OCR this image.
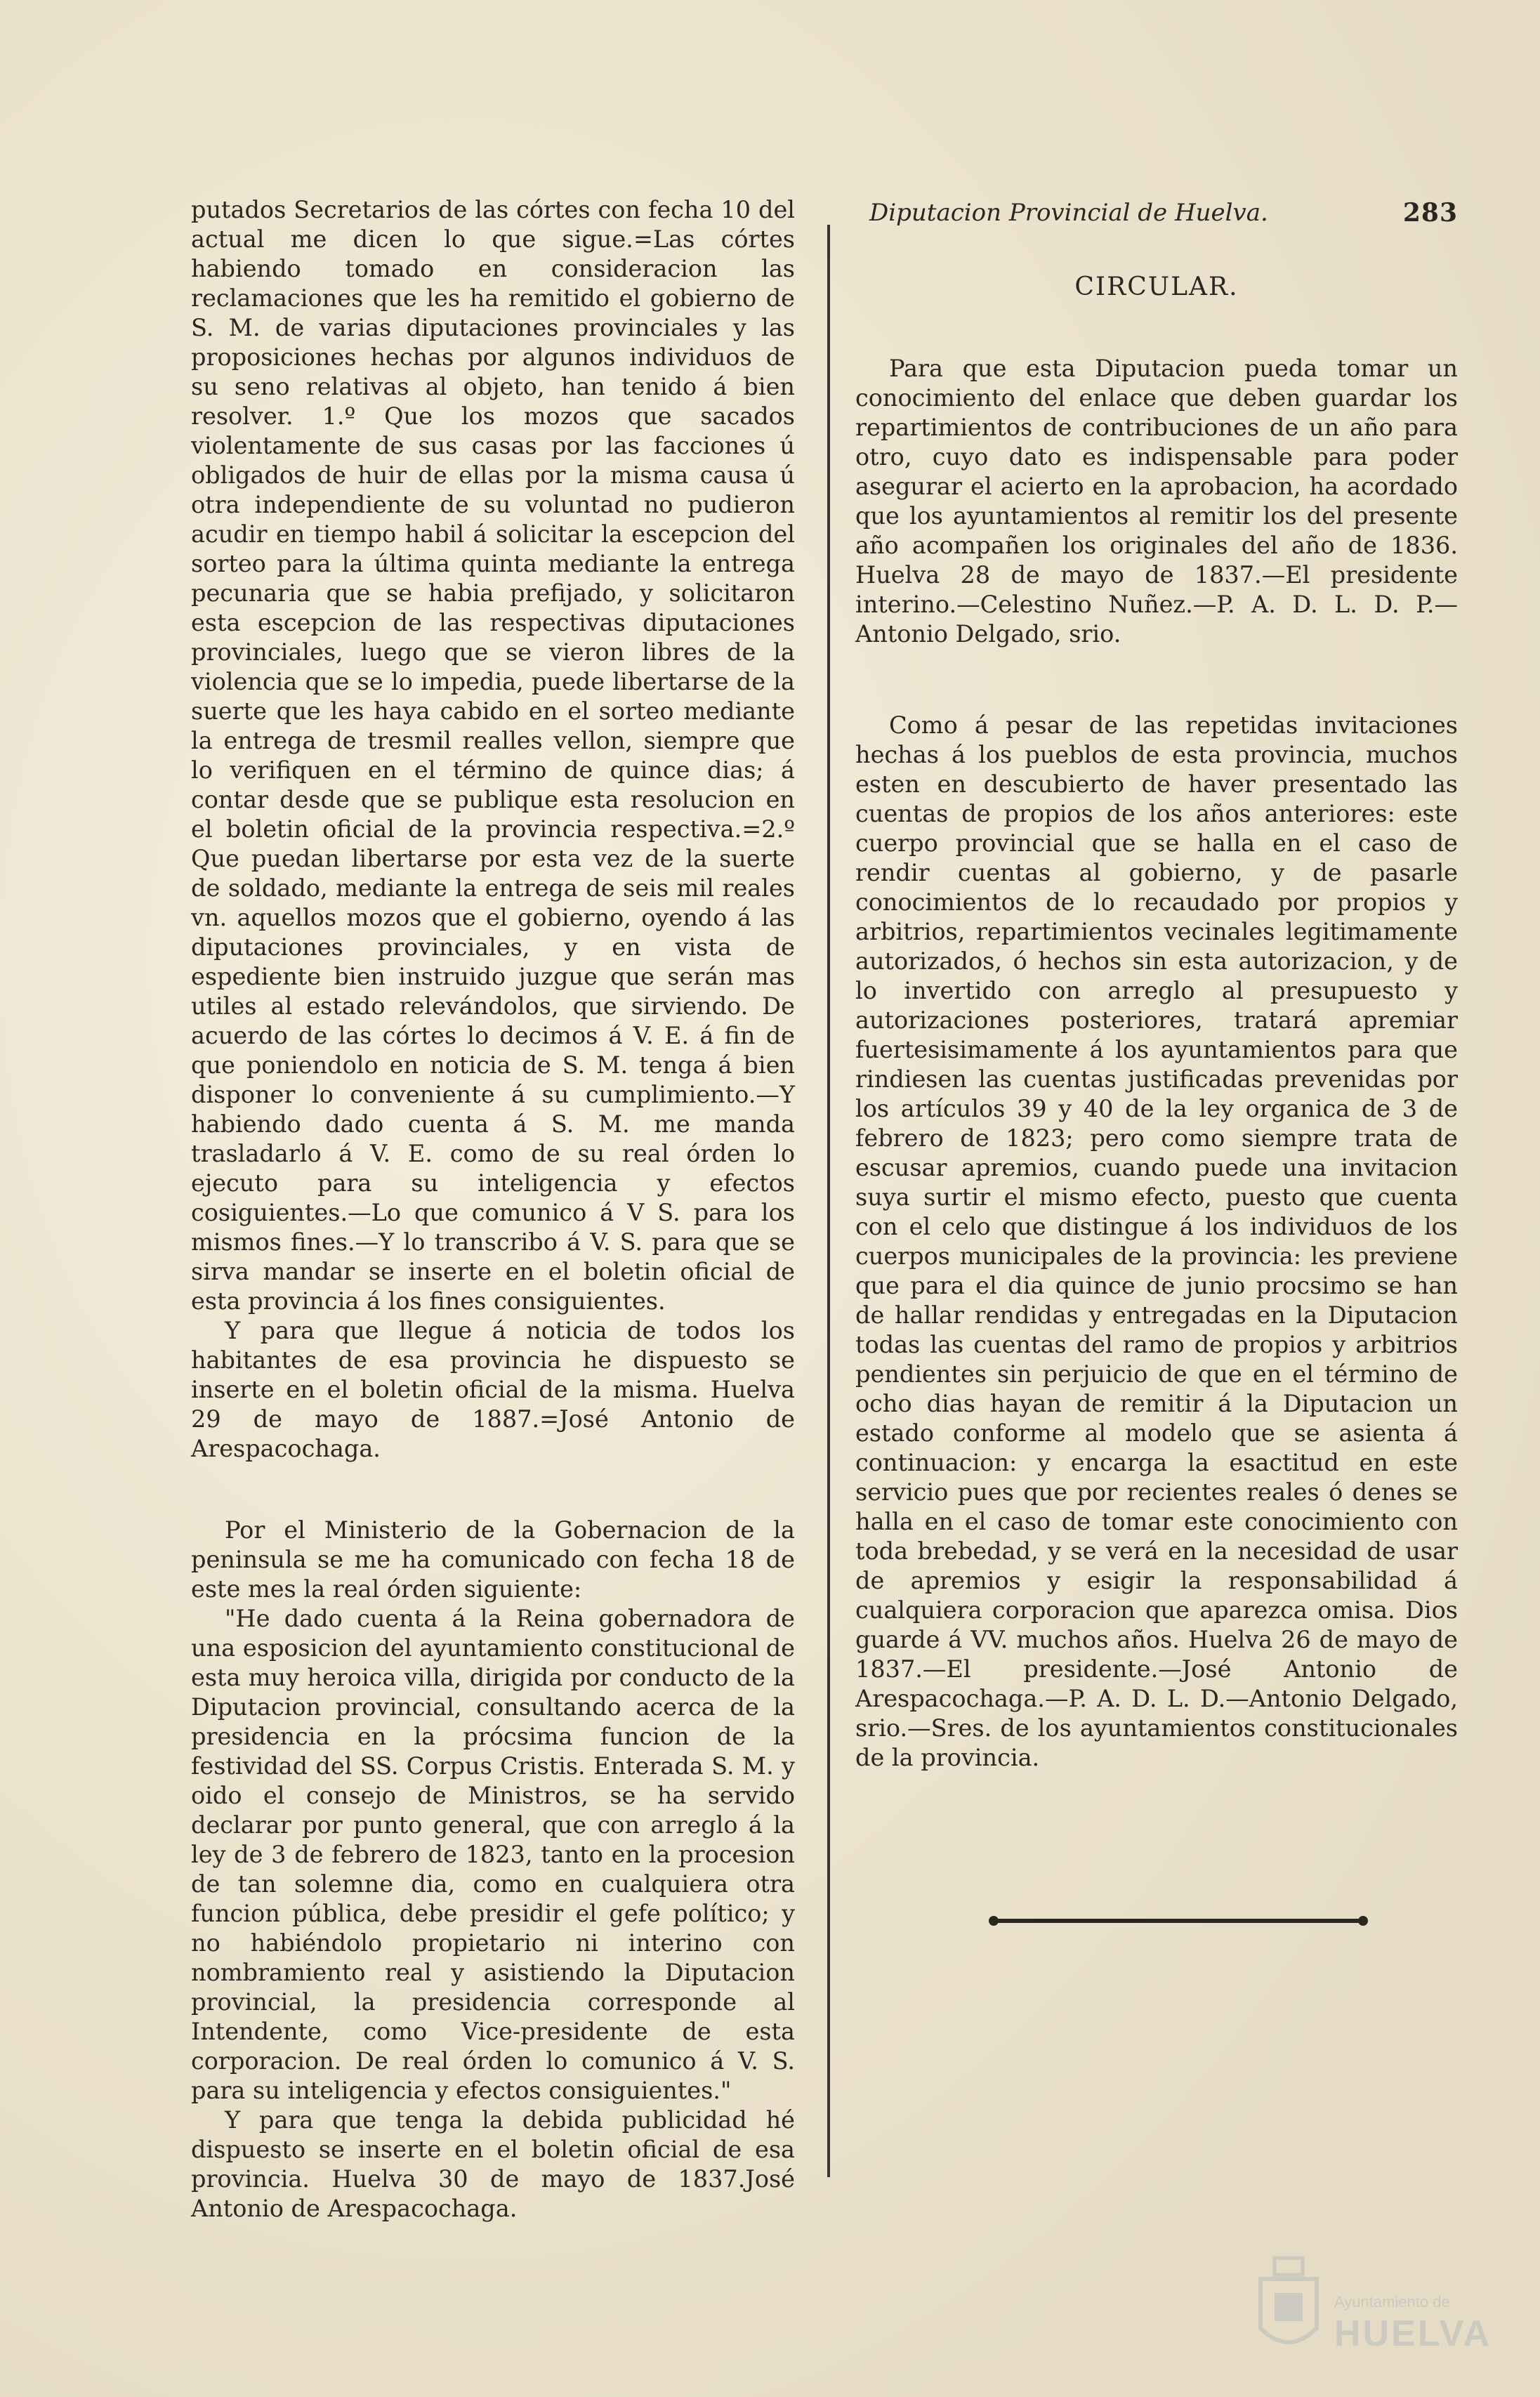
putados Secretarios de las córtes con fecha 10 del actual me dicen lo que sigue.=Las córtes habiendo tomado en consideracion las reclamaciones que les ha remitido el gobierno de S. M. de varias diputaciones provinciales y las proposiciones hechas por algunos individuos de su seno relativas al objeto, han tenido á bien resolver. 1.º Que los mozos que sacados violentamente de sus casas por las facciones ú obligados de huir de ellas por la misma causa ú otra independiente de su voluntad no pudieron acudir en tiempo habil á solicitar la escepcion del sorteo para la última quinta mediante la entrega pecunaria que se habia prefijado, y solicitaron esta escepcion de las respectivas diputaciones provinciales, luego que se vieron libres de la violencia que se lo impedia, puede libertarse de la suerte que les haya cabido en el sorteo mediante la entrega de tresmil realles vellon, siempre que lo verifiquen en el término de quince dias; á contar desde que se publique esta resolucion en el boletin oficial de la provincia respectiva.=2.º Que puedan libertarse por esta vez de la suerte de soldado, mediante la entrega de seis mil reales vn. aquellos mozos que el gobierno, oyendo á las diputaciones provinciales, y en vista de espediente bien instruido juzgue que serán mas utiles al estado relevándolos, que sirviendo. De acuerdo de las córtes lo decimos á V. E. á fin de que poniendolo en noticia de S. M. tenga á bien disponer lo conveniente á su cumplimiento.—Y habiendo dado cuenta á S. M. me manda trasladarlo á V. E. como de su real órden lo ejecuto para su inteligencia y efectos cosiguientes.—Lo que comunico á V S. para los mismos fines.—Y lo transcribo á V. S. para que se sirva mandar se inserte en el boletin oficial de esta provincia á los fines consiguientes.

Y para que llegue á noticia de todos los habitantes de esa provincia he dispuesto se inserte en el boletin oficial de la misma. Huelva 29 de mayo de 1887.=José Antonio de Arespacochaga.

Por el Ministerio de la Gobernacion de la peninsula se me ha comunicado con fecha 18 de este mes la real órden siguiente:

"He dado cuenta á la Reina gobernadora de una esposicion del ayuntamiento constitucional de esta muy heroica villa, dirigida por conducto de la Diputacion provincial, consultando acerca de la presidencia en la prócsima funcion de la festividad del SS. Corpus Cristis. Enterada S. M. y oido el consejo de Ministros, se ha servido declarar por punto general, que con arreglo á la ley de 3 de febrero de 1823, tanto en la procesion de tan solemne dia, como en cualquiera otra funcion pública, debe presidir el gefe político; y no habiéndolo propietario ni interino con nombramiento real y asistiendo la Diputacion provincial, la presidencia corresponde al Intendente, como Vice-presidente de esta corporacion. De real órden lo comunico á V. S. para su inteligencia y efectos consiguientes."

Y para que tenga la debida publicidad hé dispuesto se inserte en el boletin oficial de esa provincia. Huelva 30 de mayo de 1837.José Antonio de Arespacochaga.

Diputacion Provincial de Huelva.	283
CIRCULAR.

Para que esta Diputacion pueda tomar un conocimiento del enlace que deben guardar los repartimientos de contribuciones de un año para otro, cuyo dato es indispensable para poder asegurar el acierto en la aprobacion, ha acordado que los ayuntamientos al remitir los del presente año acompañen los originales del año de 1836. Huelva 28 de mayo de 1837.—El presidente interino.—Celestino Nuñez.—P. A. D. L. D. P.—Antonio Delgado, srio.

Como á pesar de las repetidas invitaciones hechas á los pueblos de esta provincia, muchos esten en descubierto de haver presentado las cuentas de propios de los años anteriores: este cuerpo provincial que se halla en el caso de rendir cuentas al gobierno, y de pasarle conocimientos de lo recaudado por propios y arbitrios, repartimientos vecinales legitimamente autorizados, ó hechos sin esta autorizacion, y de lo invertido con arreglo al presupuesto y autorizaciones posteriores, tratará apremiar fuertesisimamente á los ayuntamientos para que rindiesen las cuentas justificadas prevenidas por los artículos 39 y 40 de la ley organica de 3 de febrero de 1823; pero como siempre trata de escusar apremios, cuando puede una invitacion suya surtir el mismo efecto, puesto que cuenta con el celo que distingue á los individuos de los cuerpos municipales de la provincia: les previene que para el dia quince de junio procsimo se han de hallar rendidas y entregadas en la Diputacion todas las cuentas del ramo de propios y arbitrios pendientes sin perjuicio de que en el término de ocho dias hayan de remitir á la Diputacion un estado conforme al modelo que se asienta á continuacion: y encarga la esactitud en este servicio pues que por recientes reales ó denes se halla en el caso de tomar este conocimiento con toda brebedad, y se verá en la necesidad de usar de apremios y esigir la responsabilidad á cualquiera corporacion que aparezca omisa. Dios guarde á VV. muchos años. Huelva 26 de mayo de 1837.—El presidente.—José Antonio de Arespacochaga.—P. A. D. L. D.—Antonio Delgado, srio.—Sres. de los ayuntamientos constitucionales de la provincia.

Ayuntamiento de
HUELVA
